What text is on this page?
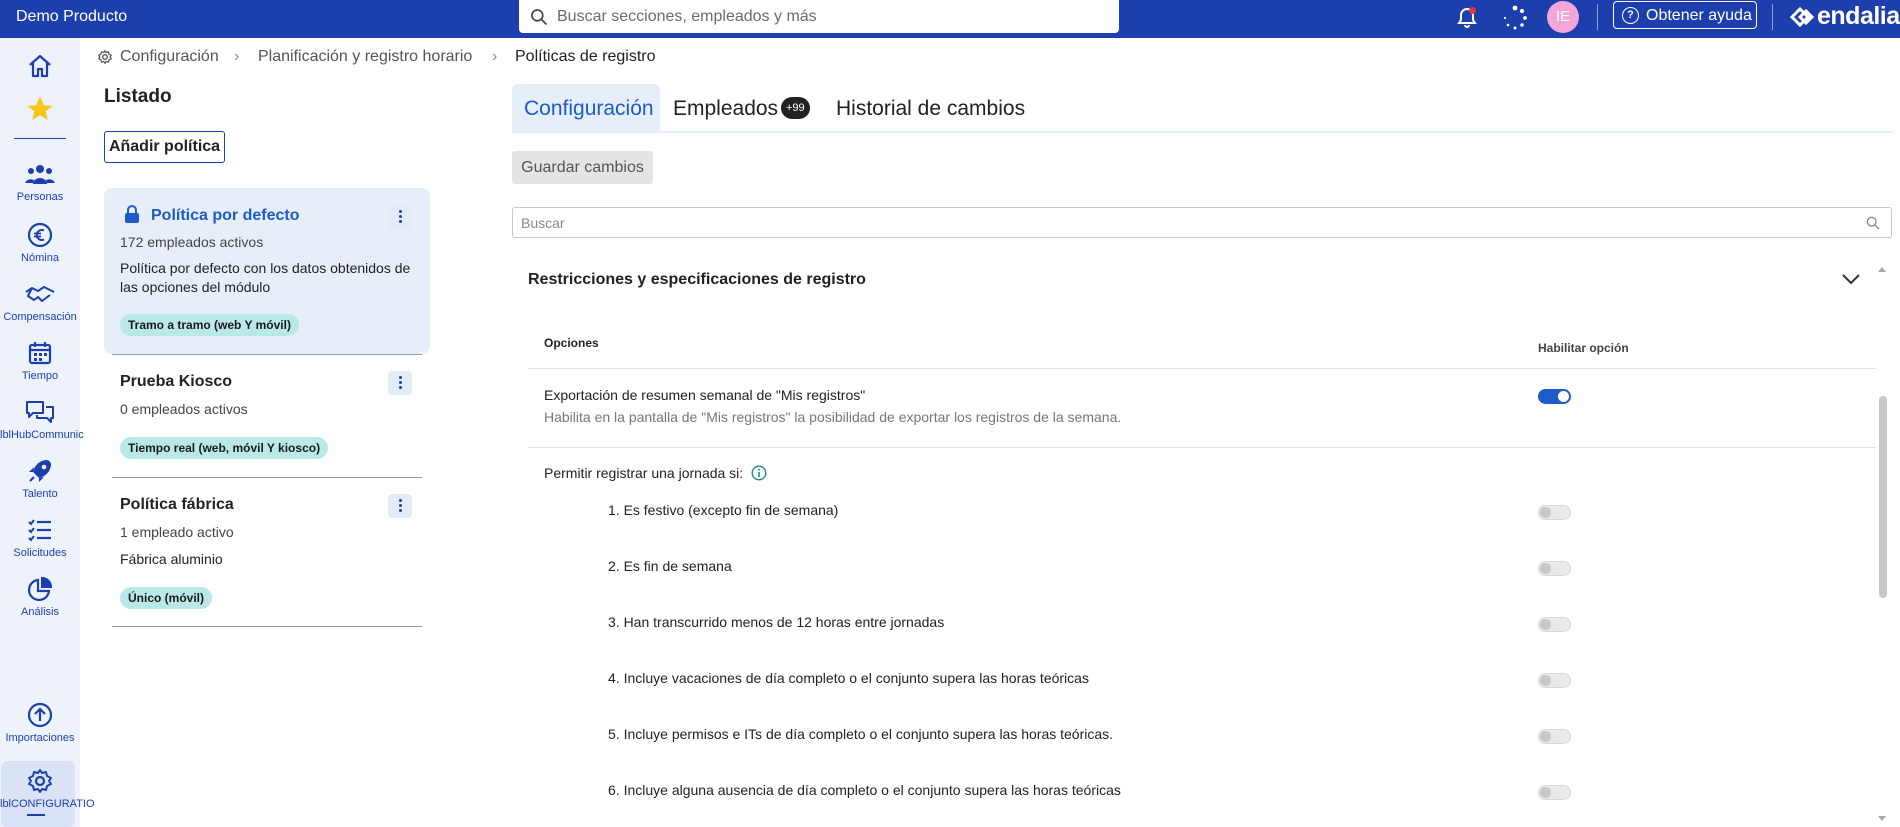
Demo Producto	Buscar secciones, empleados y más	IE	? Obtener ayuda	endalia
Personas
Nómina
Compensación
Tiempo
lblHubCommunic
Talento
Solicitudes
Análisis
Importaciones
lblCONFIGURATIO
Configuración › Planificación y registro horario › Políticas de registro
Listado
Añadir política
Política por defecto
172 empleados activos
Política por defecto con los datos obtenidos de las opciones del módulo
Tramo a tramo (web Y móvil)
Prueba Kiosco
0 empleados activos
Tiempo real (web, móvil Y kiosco)
Política fábrica
1 empleado activo
Fábrica aluminio
Único (móvil)
Configuración Empleados +99 Historial de cambios
Guardar cambios
Buscar
Restricciones y especificaciones de registro
Opciones	Habilitar opción
Exportación de resumen semanal de "Mis registros"
Habilita en la pantalla de "Mis registros" la posibilidad de exportar los registros de la semana.
Permitir registrar una jornada si:
1. Es festivo (excepto fin de semana)
2. Es fin de semana
3. Han transcurrido menos de 12 horas entre jornadas
4. Incluye vacaciones de día completo o el conjunto supera las horas teóricas
5. Incluye permisos e ITs de día completo o el conjunto supera las horas teóricas.
6. Incluye alguna ausencia de día completo o el conjunto supera las horas teóricas
